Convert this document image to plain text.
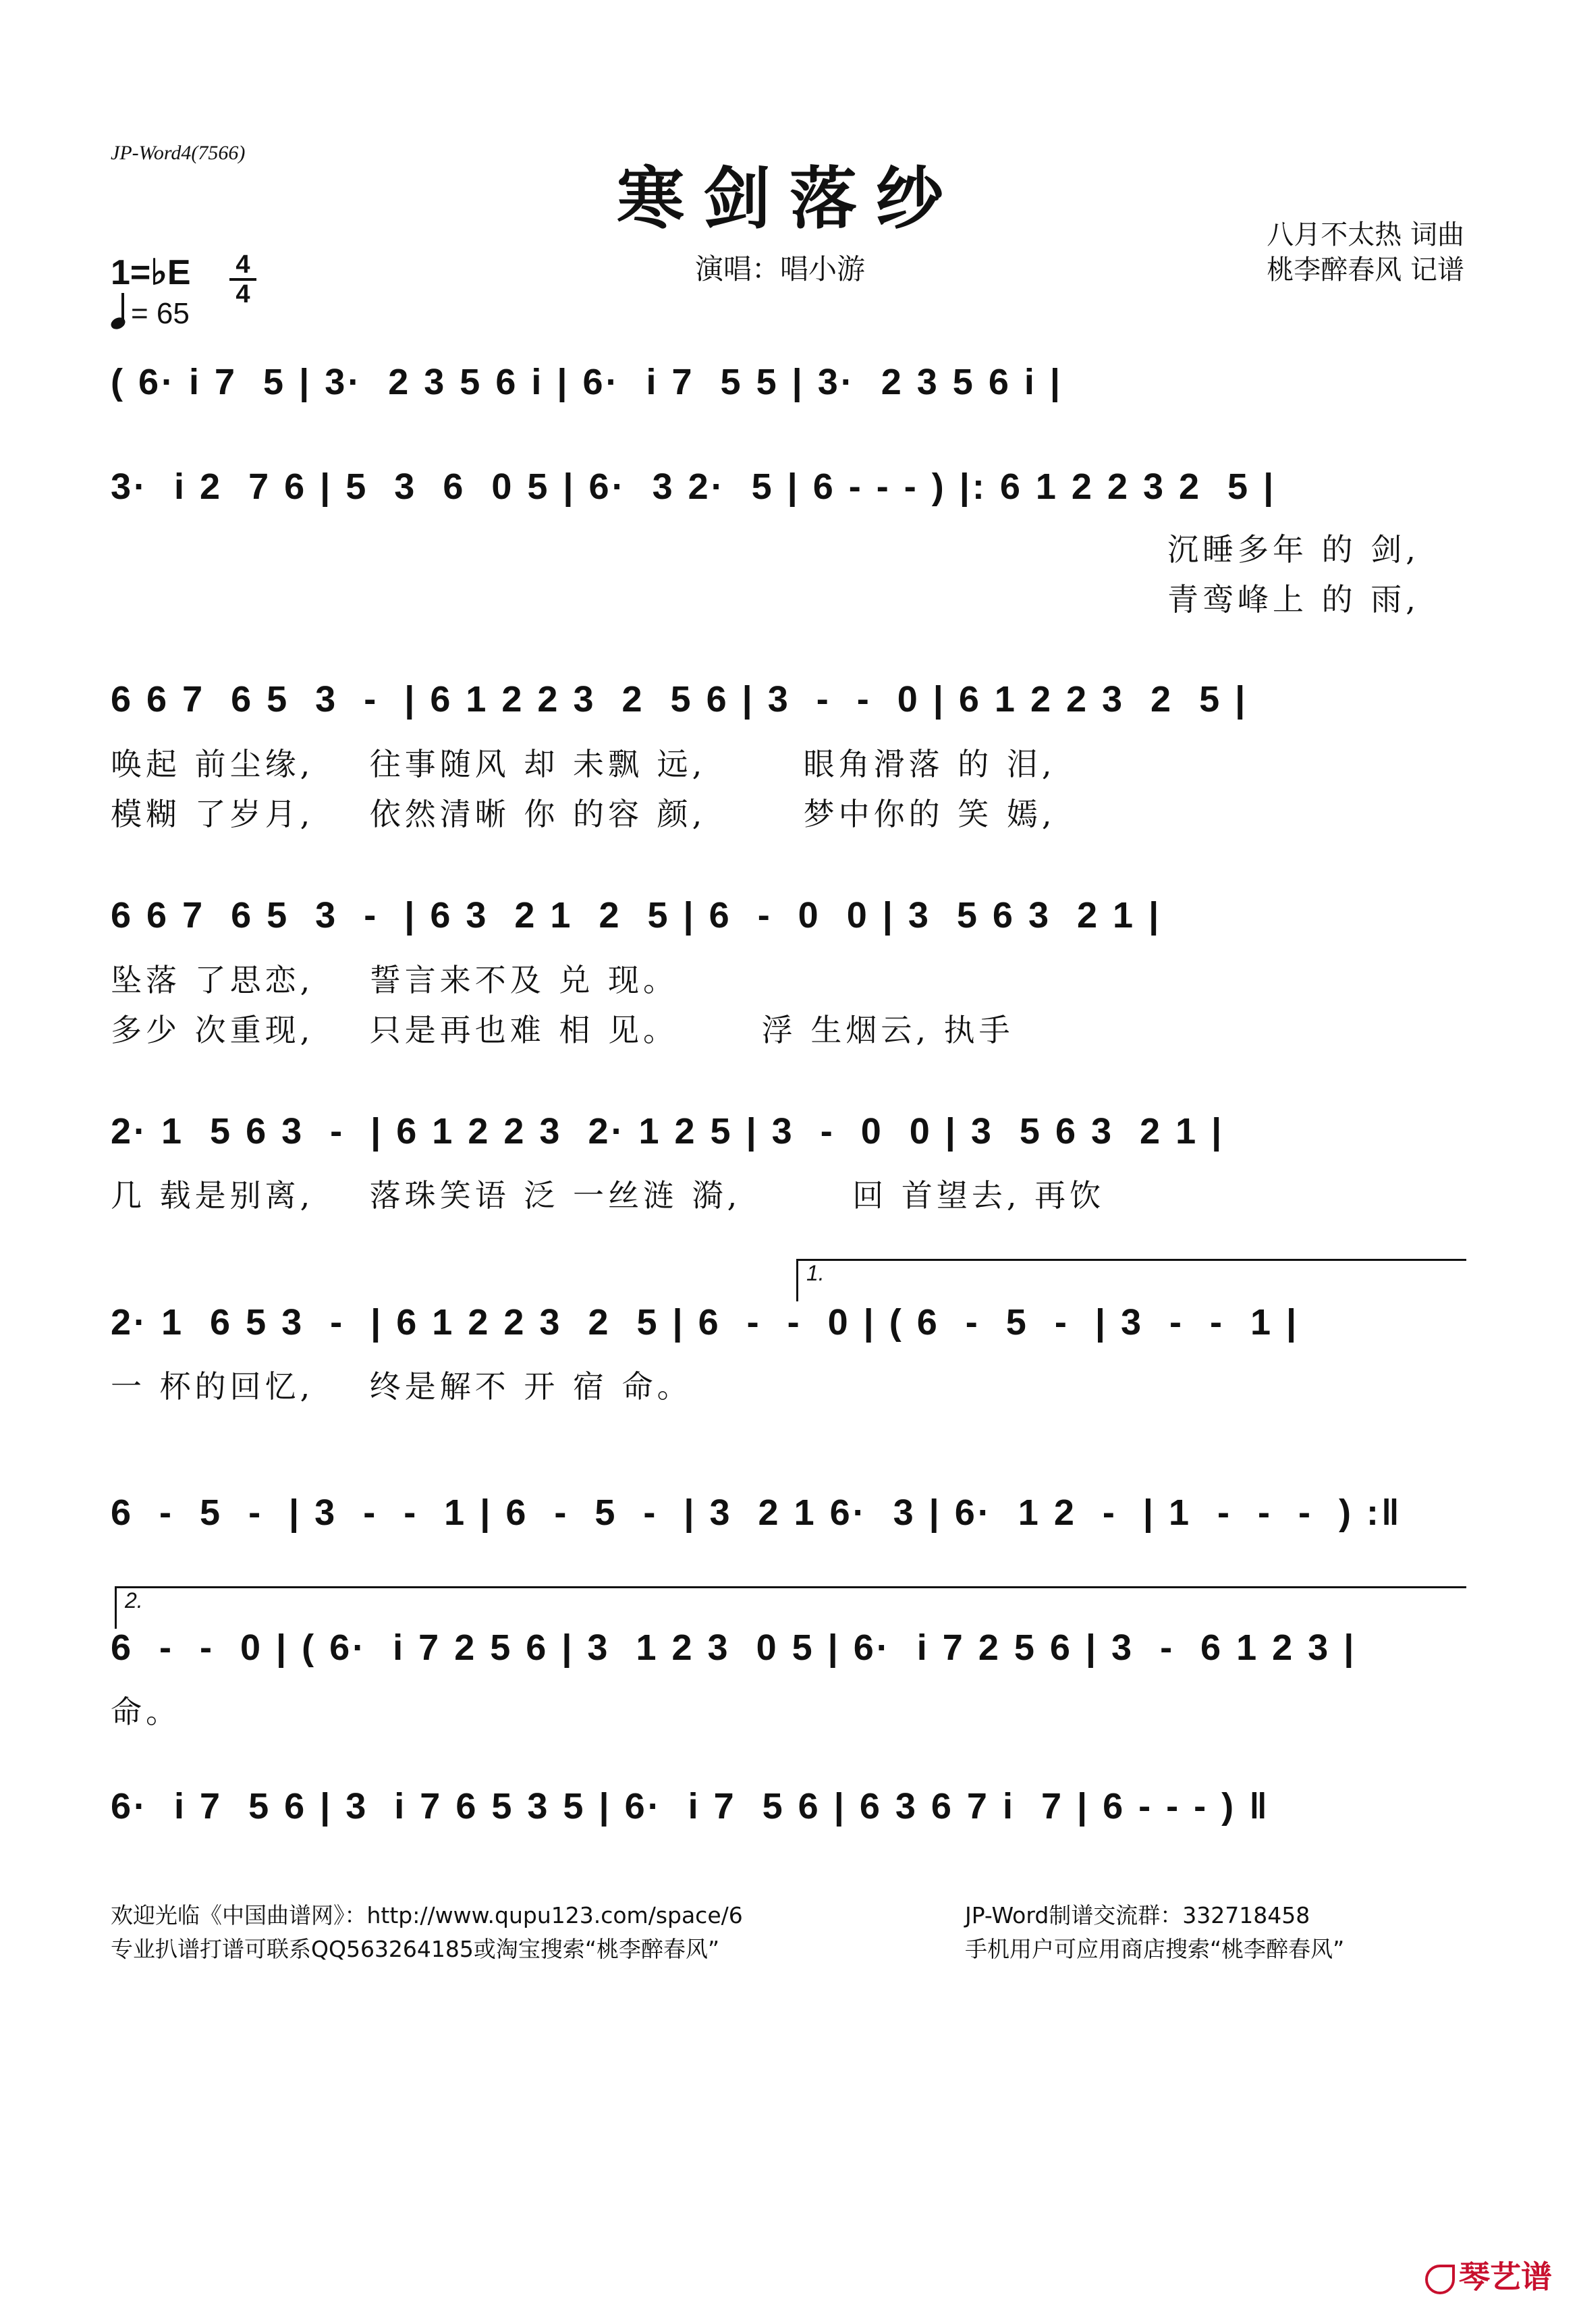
JP-Word4(7566)
寒剑落纱	八月不太热 词曲
桃李醉春风 记谱
演唱：唱小游
1=♭E 4
4
= 65
( 6· i 7  5 | 3·  2 3 5 6 i | 6·  i 7  5 5 | 3·  2 3 5 6 i |
3·  i 2  7 6 | 5  3  6  0 5 | 6·  3 2·  5 | 6 - - - ) |: 6 1 2 2 3 2  5 |
沉睡多年 的 剑,
青鸾峰上 的 雨,
6 6 7  6 5  3  -  | 6 1 2 2 3  2  5 6 | 3  -  -  0 | 6 1 2 2 3  2  5 |
唤起 前尘缘,    往事随风 却 未飘 远,       眼角滑落 的 泪,
模糊 了岁月,    依然清晰 你 的容 颜,       梦中你的 笑 嫣,
6 6 7  6 5  3  -  | 6 3  2 1  2  5 | 6  -  0  0 | 3  5 6 3  2 1 |
坠落 了思恋,    誓言来不及 兑 现。
多少 次重现,    只是再也难 相 见。      浮 生烟云, 执手
2· 1  5 6 3  -  | 6 1 2 2 3  2· 1 2 5 | 3  -  0  0 | 3  5 6 3  2 1 |
几 载是别离,    落珠笑语 泛 一丝涟 漪,        回 首望去, 再饮
1.
2· 1  6 5 3  -  | 6 1 2 2 3  2  5 | 6  -  -  0 | ( 6  -  5  -  | 3  -  -  1 |
一 杯的回忆,    终是解不 开 宿 命。
6  -  5  -  | 3  -  -  1 | 6  -  5  -  | 3  2 1 6·  3 | 6·  1 2  -  | 1  -  -  -  ) :‖
2.
6  -  -  0 | ( 6·  i 7 2 5 6 | 3  1 2 3  0 5 | 6·  i 7 2 5 6 | 3  -  6 1 2 3 |
命。
6·  i 7  5 6 | 3  i 7 6 5 3 5 | 6·  i 7  5 6 | 6 3 6 7 i  7 | 6 - - - ) ‖
欢迎光临《中国曲谱网》：http://www.qupu123.com/space/6
专业扒谱打谱可联系QQ563264185或淘宝搜索“桃李醉春风”
JP-Word制谱交流群：332718458
手机用户可应用商店搜索“桃李醉春风”
琴艺谱
